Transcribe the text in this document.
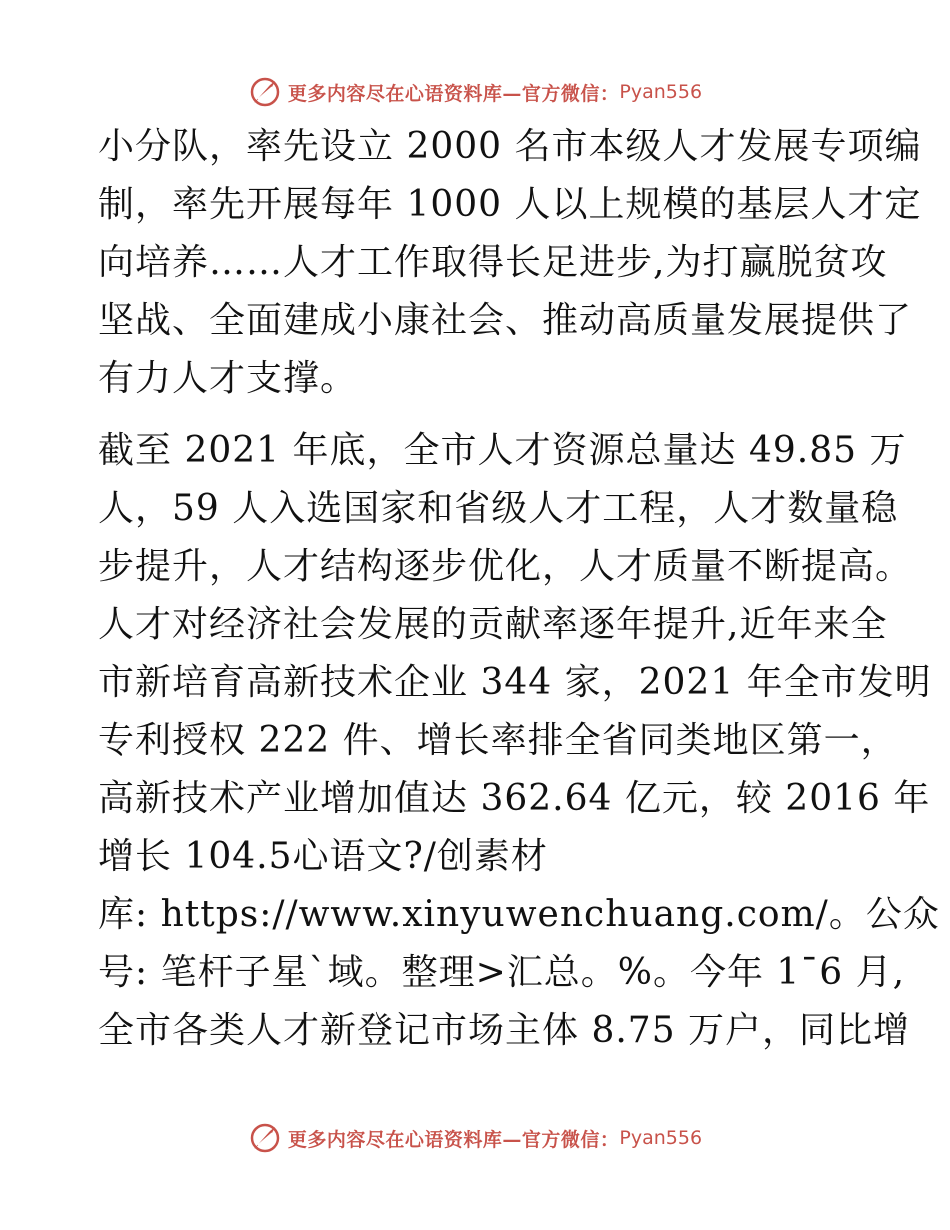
更多内容尽在心语资料库—官方微信： Pyan556
小分队，率先设立 2000 名市本级人才发展专项编
制，率先开展每年 1000 人以上规模的基层人才定
向培养……人才工作取得长足进步,为打赢脱贫攻
坚战、全面建成小康社会、推动高质量发展提供了
有力人才支撑。
截至 2021 年底，全市人才资源总量达 49.85 万
人，59 人入选国家和省级人才工程，人才数量稳
步提升，人才结构逐步优化，人才质量不断提高。
人才对经济社会发展的贡献率逐年提升,近年来全
市新培育高新技术企业 344 家，2021 年全市发明
专利授权 222 件、增长率排全省同类地区第一，
高新技术产业增加值达 362.64 亿元，较 2016 年
增长 104.5心语文?/创素材
库: https://www.xinyuwenchuang.com/。公众
号: 笔杆子星`域。整理>汇总。%。今年 1¯6 月,
全市各类人才新登记市场主体 8.75 万户，同比增
更多内容尽在心语资料库—官方微信： Pyan556
